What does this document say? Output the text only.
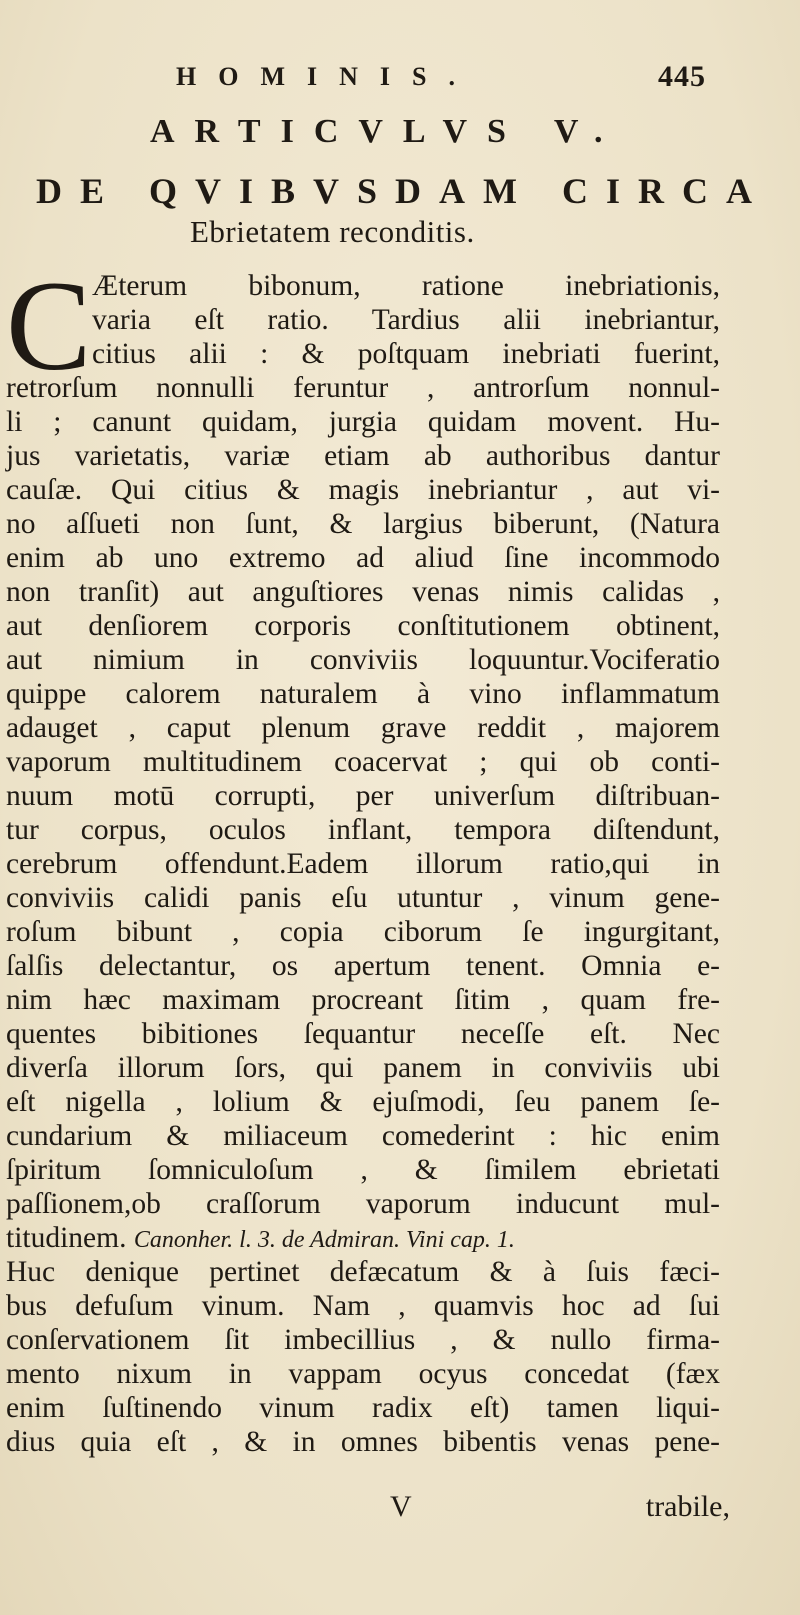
HOMINIS.	445
ARTICVLVS V.
DE QVIBVSDAM CIRCA
Ebrietatem reconditis.
C Æterum bibonum, ratione inebriationis,
varia eſt ratio. Tardius alii inebriantur,
citius alii : & poſtquam inebriati fuerint,
retrorſum nonnulli feruntur , antrorſum nonnul-
li ; canunt quidam, jurgia quidam movent. Hu-
jus varietatis, variæ etiam ab authoribus dantur
cauſæ. Qui citius & magis inebriantur , aut vi-
no aſſueti non ſunt, & largius biberunt, (Natura
enim ab uno extremo ad aliud ſine incommodo
non tranſit) aut anguſtiores venas nimis calidas ,
aut denſiorem corporis conſtitutionem obtinent,
aut nimium in conviviis loquuntur.Vociferatio
quippe calorem naturalem à vino inflammatum
adauget , caput plenum grave reddit , majorem
vaporum multitudinem coacervat ; qui ob conti-
nuum motū corrupti, per univerſum diſtribuan-
tur corpus, oculos inflant, tempora diſtendunt,
cerebrum offendunt.Eadem illorum ratio,qui in
conviviis calidi panis eſu utuntur , vinum gene-
roſum bibunt , copia ciborum ſe ingurgitant,
ſalſis delectantur, os apertum tenent. Omnia e-
nim hæc maximam procreant ſitim , quam fre-
quentes bibitiones ſequantur neceſſe eſt. Nec
diverſa illorum ſors, qui panem in conviviis ubi
eſt nigella , lolium & ejuſmodi, ſeu panem ſe-
cundarium & miliaceum comederint : hic enim
ſpiritum ſomniculoſum , & ſimilem ebrietati
paſſionem,ob craſſorum vaporum inducunt mul-
titudinem. Canonher. l. 3. de Admiran. Vini cap. 1.
Huc denique pertinet defæcatum & à ſuis fæci-
bus defuſum vinum. Nam , quamvis hoc ad ſui
conſervationem ſit imbecillius , & nullo firma-
mento nixum in vappam ocyus concedat (fæx
enim ſuſtinendo vinum radix eſt) tamen liqui-
dius quia eſt , & in omnes bibentis venas pene-
V	trabile,
